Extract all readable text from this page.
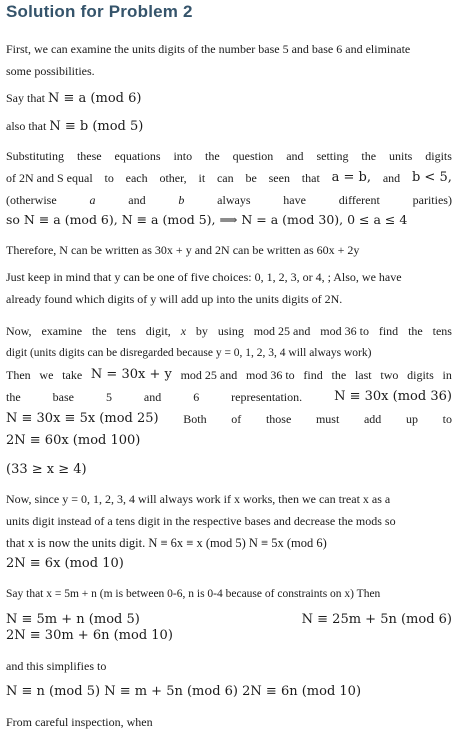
Solution for Problem 2
First, we can examine the units digits of the number base 5 and base 6 and eliminate
some possibilities.
Say that N ≡ a (mod 6)
also that N ≡ b (mod 5)
Substituting these equations into the question and setting the units digits
of 2N and S equal to each other, it can be seen that a = b, and b < 5,
(otherwise	a	and	b	always	have	different	parities)
so N ≡ a (mod 6), N ≡ a (mod 5), ⟹ N = a (mod 30), 0 ≤ a ≤ 4
Therefore, N can be written as 30x + y and 2N can be written as 60x + 2y
Just keep in mind that y can be one of five choices: 0, 1, 2, 3, or 4, ; Also, we have
already found which digits of y will add up into the units digits of 2N.
Now, examine the tens digit, x by using mod 25 and mod 36 to find the tens
digit (units digits can be disregarded because y = 0, 1, 2, 3, 4 will always work)
Then we take N = 30x + y mod 25 and mod 36 to find the last two digits in
the	base	5	and	6	representation. N ≡ 30x (mod 36)
N ≡ 30x ≡ 5x (mod 25) Both of those must add up to
2N ≡ 60x (mod 100)
(33 ≥ x ≥ 4)
Now, since y = 0, 1, 2, 3, 4 will always work if x works, then we can treat x as a
units digit instead of a tens digit in the respective bases and decrease the mods so
that x is now the units digit. N ≡ 6x ≡ x (mod 5) N ≡ 5x (mod 6)
2N ≡ 6x (mod 10)
Say that x = 5m + n (m is between 0-6, n is 0-4 because of constraints on x) Then
N ≡ 5m + n (mod 5)	N ≡ 25m + 5n (mod 6)
2N ≡ 30m + 6n (mod 10)
and this simplifies to
N ≡ n (mod 5) N ≡ m + 5n (mod 6) 2N ≡ 6n (mod 10)
From careful inspection, when
